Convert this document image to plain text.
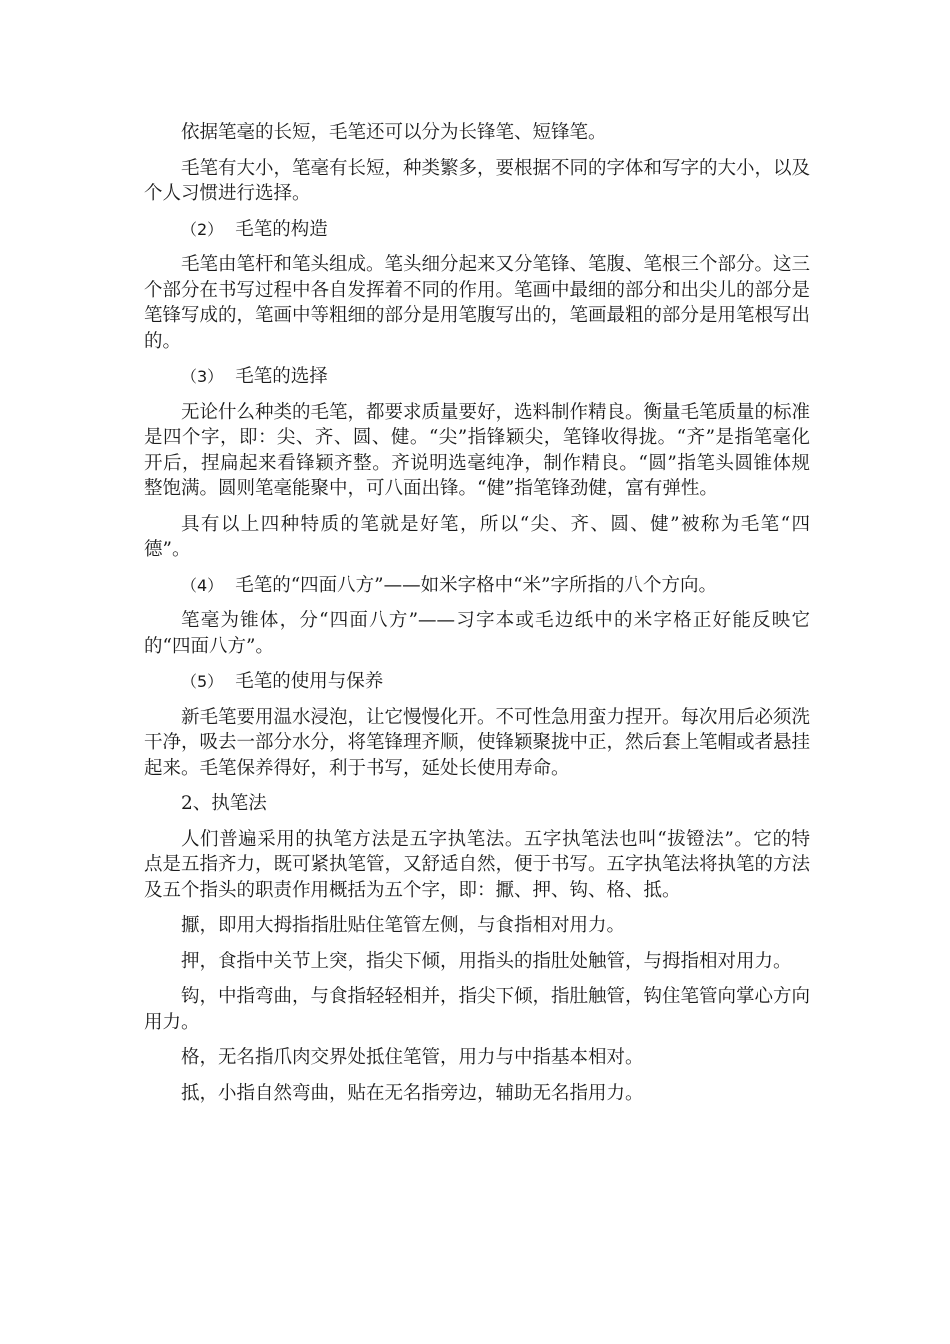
依据笔毫的长短，毛笔还可以分为长锋笔、短锋笔。

毛笔有大小，笔毫有长短，种类繁多，要根据不同的字体和写字的大小，以及个人习惯进行选择。

（2） 毛笔的构造

毛笔由笔杆和笔头组成。笔头细分起来又分笔锋、笔腹、笔根三个部分。这三个部分在书写过程中各自发挥着不同的作用。笔画中最细的部分和出尖儿的部分是笔锋写成的，笔画中等粗细的部分是用笔腹写出的，笔画最粗的部分是用笔根写出的。

（3） 毛笔的选择

无论什么种类的毛笔，都要求质量要好，选料制作精良。衡量毛笔质量的标准是四个字，即：尖、齐、圆、健。“尖”指锋颖尖，笔锋收得拢。“齐”是指笔毫化开后，捏扁起来看锋颖齐整。齐说明选毫纯净，制作精良。“圆”指笔头圆锥体规整饱满。圆则笔毫能聚中，可八面出锋。“健”指笔锋劲健，富有弹性。

具有以上四种特质的笔就是好笔，所以“尖、齐、圆、健”被称为毛笔“四德”。

（4） 毛笔的“四面八方”——如米字格中“米”字所指的八个方向。

笔毫为锥体，分“四面八方”——习字本或毛边纸中的米字格正好能反映它的“四面八方”。

（5） 毛笔的使用与保养

新毛笔要用温水浸泡，让它慢慢化开。不可性急用蛮力捏开。每次用后必须洗干净，吸去一部分水分，将笔锋理齐顺，使锋颖聚拢中正，然后套上笔帽或者悬挂起来。毛笔保养得好，利于书写，延处长使用寿命。

2、执笔法

人们普遍采用的执笔方法是五字执笔法。五字执笔法也叫“拔镫法”。它的特点是五指齐力，既可紧执笔管，又舒适自然，便于书写。五字执笔法将执笔的方法及五个指头的职责作用概括为五个字，即：擫、押、钩、格、抵。

擫，即用大拇指指肚贴住笔管左侧，与食指相对用力。

押，食指中关节上突，指尖下倾，用指头的指肚处触管，与拇指相对用力。

钩，中指弯曲，与食指轻轻相并，指尖下倾，指肚触管，钩住笔管向掌心方向用力。

格，无名指爪肉交界处抵住笔管，用力与中指基本相对。

抵，小指自然弯曲，贴在无名指旁边，辅助无名指用力。
